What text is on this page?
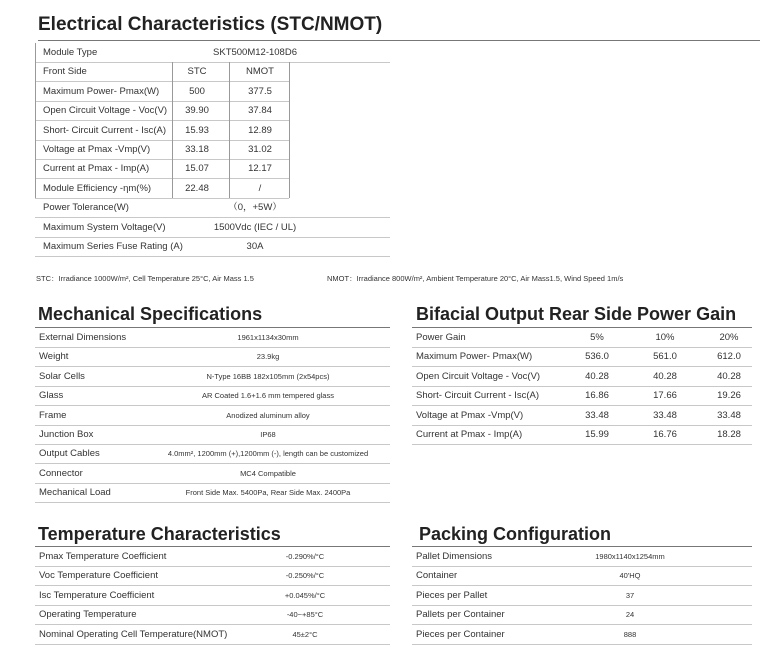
Electrical Characteristics (STC/NMOT)
Module Type	SKT500M12-108D6
Front Side	STC	NMOT
Maximum Power- Pmax(W)	500	377.5
Open Circuit Voltage - Voc(V)	39.90	37.84
Short- Circuit Current - Isc(A)	15.93	12.89
Voltage at Pmax -Vmp(V)	33.18	31.02
Current at Pmax - Imp(A)	15.07	12.17
Module Efficiency -ηm(%)	22.48	/
Power Tolerance(W)	（0，+5W）
Maximum System Voltage(V)	1500Vdc (IEC / UL)
Maximum Series Fuse Rating (A)	30A
STC：Irradiance 1000W/m², Cell Temperature 25°C, Air Mass 1.5	NMOT：Irradiance 800W/m², Ambient Temperature 20°C, Air Mass1.5, Wind Speed 1m/s
Mechanical Specifications
External Dimensions	1961x1134x30mm
Weight	23.9kg
Solar Cells	N-Type 16BB 182x105mm (2x54pcs)
Glass	AR Coated 1.6+1.6 mm tempered glass
Frame	Anodized aluminum alloy
Junction Box	IP68
Output Cables	4.0mm², 1200mm (+),1200mm (-), length can be customized
Connector	MC4 Compatible
Mechanical Load	Front Side Max. 5400Pa, Rear Side Max. 2400Pa
Bifacial Output Rear Side Power Gain
Power Gain	5%	10%	20%
Maximum Power- Pmax(W)	536.0	561.0	612.0
Open Circuit Voltage - Voc(V)	40.28	40.28	40.28
Short- Circuit Current - Isc(A)	16.86	17.66	19.26
Voltage at Pmax -Vmp(V)	33.48	33.48	33.48
Current at Pmax - Imp(A)	15.99	16.76	18.28
Temperature Characteristics
Pmax Temperature Coefficient	-0.290%/°C
Voc Temperature Coefficient	-0.250%/°C
Isc Temperature Coefficient	+0.045%/°C
Operating Temperature	-40~+85°C
Nominal Operating Cell Temperature(NMOT)	45±2°C
Packing Configuration
Pallet Dimensions	1980x1140x1254mm
Container	40'HQ
Pieces per Pallet	37
Pallets per Container	24
Pieces per Container	888
